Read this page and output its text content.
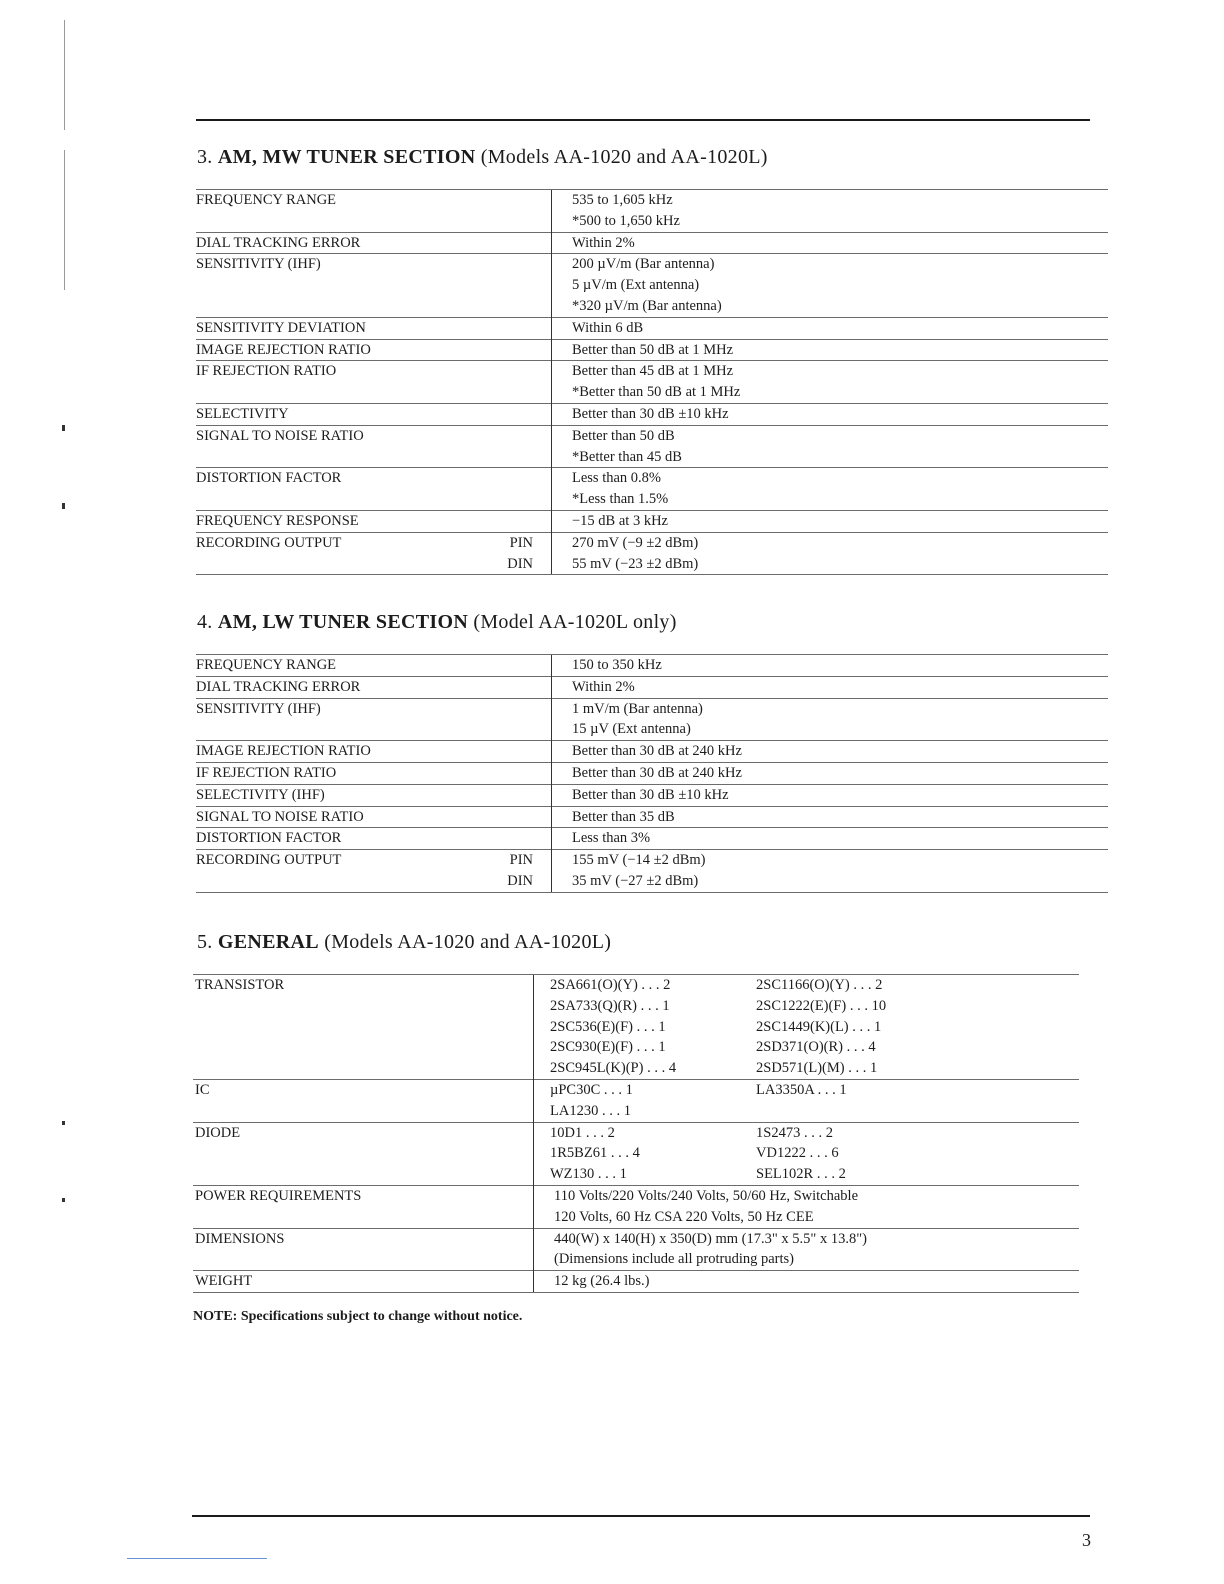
3. AM, MW TUNER SECTION (Models AA-1020 and AA-1020L)
FREQUENCY RANGE		535 to 1,605 kHz
		*500 to 1,650 kHz
DIAL TRACKING ERROR		Within 2%
SENSITIVITY (IHF)		200 µV/m (Bar antenna)
		5 µV/m (Ext antenna)
		*320 µV/m (Bar antenna)
SENSITIVITY DEVIATION		Within 6 dB
IMAGE REJECTION RATIO		Better than 50 dB at 1 MHz
IF REJECTION RATIO		Better than 45 dB at 1 MHz
		*Better than 50 dB at 1 MHz
SELECTIVITY		Better than 30 dB ±10 kHz
SIGNAL TO NOISE RATIO		Better than 50 dB
		*Better than 45 dB
DISTORTION FACTOR		Less than 0.8%
		*Less than 1.5%
FREQUENCY RESPONSE		−15 dB at 3 kHz
RECORDING OUTPUT	PIN	270 mV (−9 ±2 dBm)
	DIN	55 mV (−23 ±2 dBm)
4. AM, LW TUNER SECTION (Model AA-1020L only)
FREQUENCY RANGE		150 to 350 kHz
DIAL TRACKING ERROR		Within 2%
SENSITIVITY (IHF)		1 mV/m (Bar antenna)
		15 µV (Ext antenna)
IMAGE REJECTION RATIO		Better than 30 dB at 240 kHz
IF REJECTION RATIO		Better than 30 dB at 240 kHz
SELECTIVITY (IHF)		Better than 30 dB ±10 kHz
SIGNAL TO NOISE RATIO		Better than 35 dB
DISTORTION FACTOR		Less than 3%
RECORDING OUTPUT	PIN	155 mV (−14 ±2 dBm)
	DIN	35 mV (−27 ±2 dBm)
5. GENERAL (Models AA-1020 and AA-1020L)
TRANSISTOR	2SA661(O)(Y) . . . 2	2SC1166(O)(Y) . . . 2
	2SA733(Q)(R) . . . 1	2SC1222(E)(F) . . . 10
	2SC536(E)(F) . . . 1	2SC1449(K)(L) . . . 1
	2SC930(E)(F) . . . 1	2SD371(O)(R) . . . 4
	2SC945L(K)(P) . . . 4	2SD571(L)(M) . . . 1
IC	µPC30C . . . 1	LA3350A . . . 1
	LA1230 . . . 1	
DIODE	10D1 . . . 2	1S2473 . . . 2
	1R5BZ61 . . . 4	VD1222 . . . 6
	WZ130 . . . 1	SEL102R . . . 2
POWER REQUIREMENTS	110 Volts/220 Volts/240 Volts, 50/60 Hz, Switchable	
	120 Volts, 60 Hz CSA 220 Volts, 50 Hz CEE	
DIMENSIONS	440(W) x 140(H) x 350(D) mm (17.3" x 5.5" x 13.8")	
	(Dimensions include all protruding parts)	
WEIGHT	12 kg (26.4 lbs.)	
NOTE: Specifications subject to change without notice.
3
